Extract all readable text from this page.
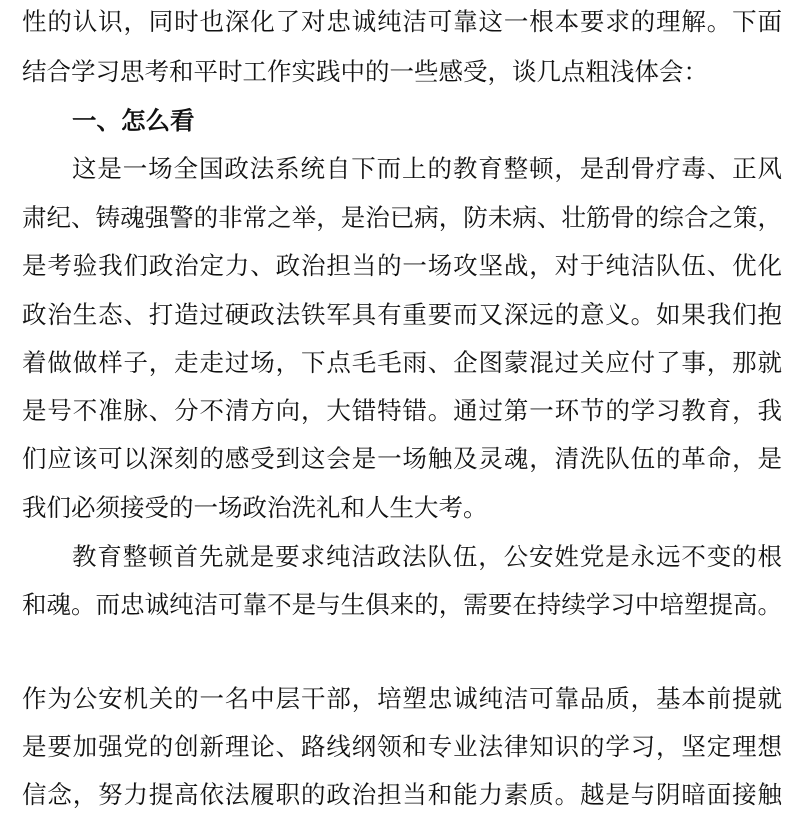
性的认识，同时也深化了对忠诚纯洁可靠这一根本要求的理解。下面
结合学习思考和平时工作实践中的一些感受，谈几点粗浅体会：
一、怎么看
这是一场全国政法系统自下而上的教育整顿，是刮骨疗毒、正风
肃纪、铸魂强警的非常之举，是治已病，防未病、壮筋骨的综合之策，
是考验我们政治定力、政治担当的一场攻坚战，对于纯洁队伍、优化
政治生态、打造过硬政法铁军具有重要而又深远的意义。如果我们抱
着做做样子，走走过场，下点毛毛雨、企图蒙混过关应付了事，那就
是号不准脉、分不清方向，大错特错。通过第一环节的学习教育，我
们应该可以深刻的感受到这会是一场触及灵魂，清洗队伍的革命，是
我们必须接受的一场政治洗礼和人生大考。
教育整顿首先就是要求纯洁政法队伍，公安姓党是永远不变的根
和魂。而忠诚纯洁可靠不是与生俱来的，需要在持续学习中培塑提高。
作为公安机关的一名中层干部，培塑忠诚纯洁可靠品质，基本前提就
是要加强党的创新理论、路线纲领和专业法律知识的学习，坚定理想
信念，努力提高依法履职的政治担当和能力素质。越是与阴暗面接触
